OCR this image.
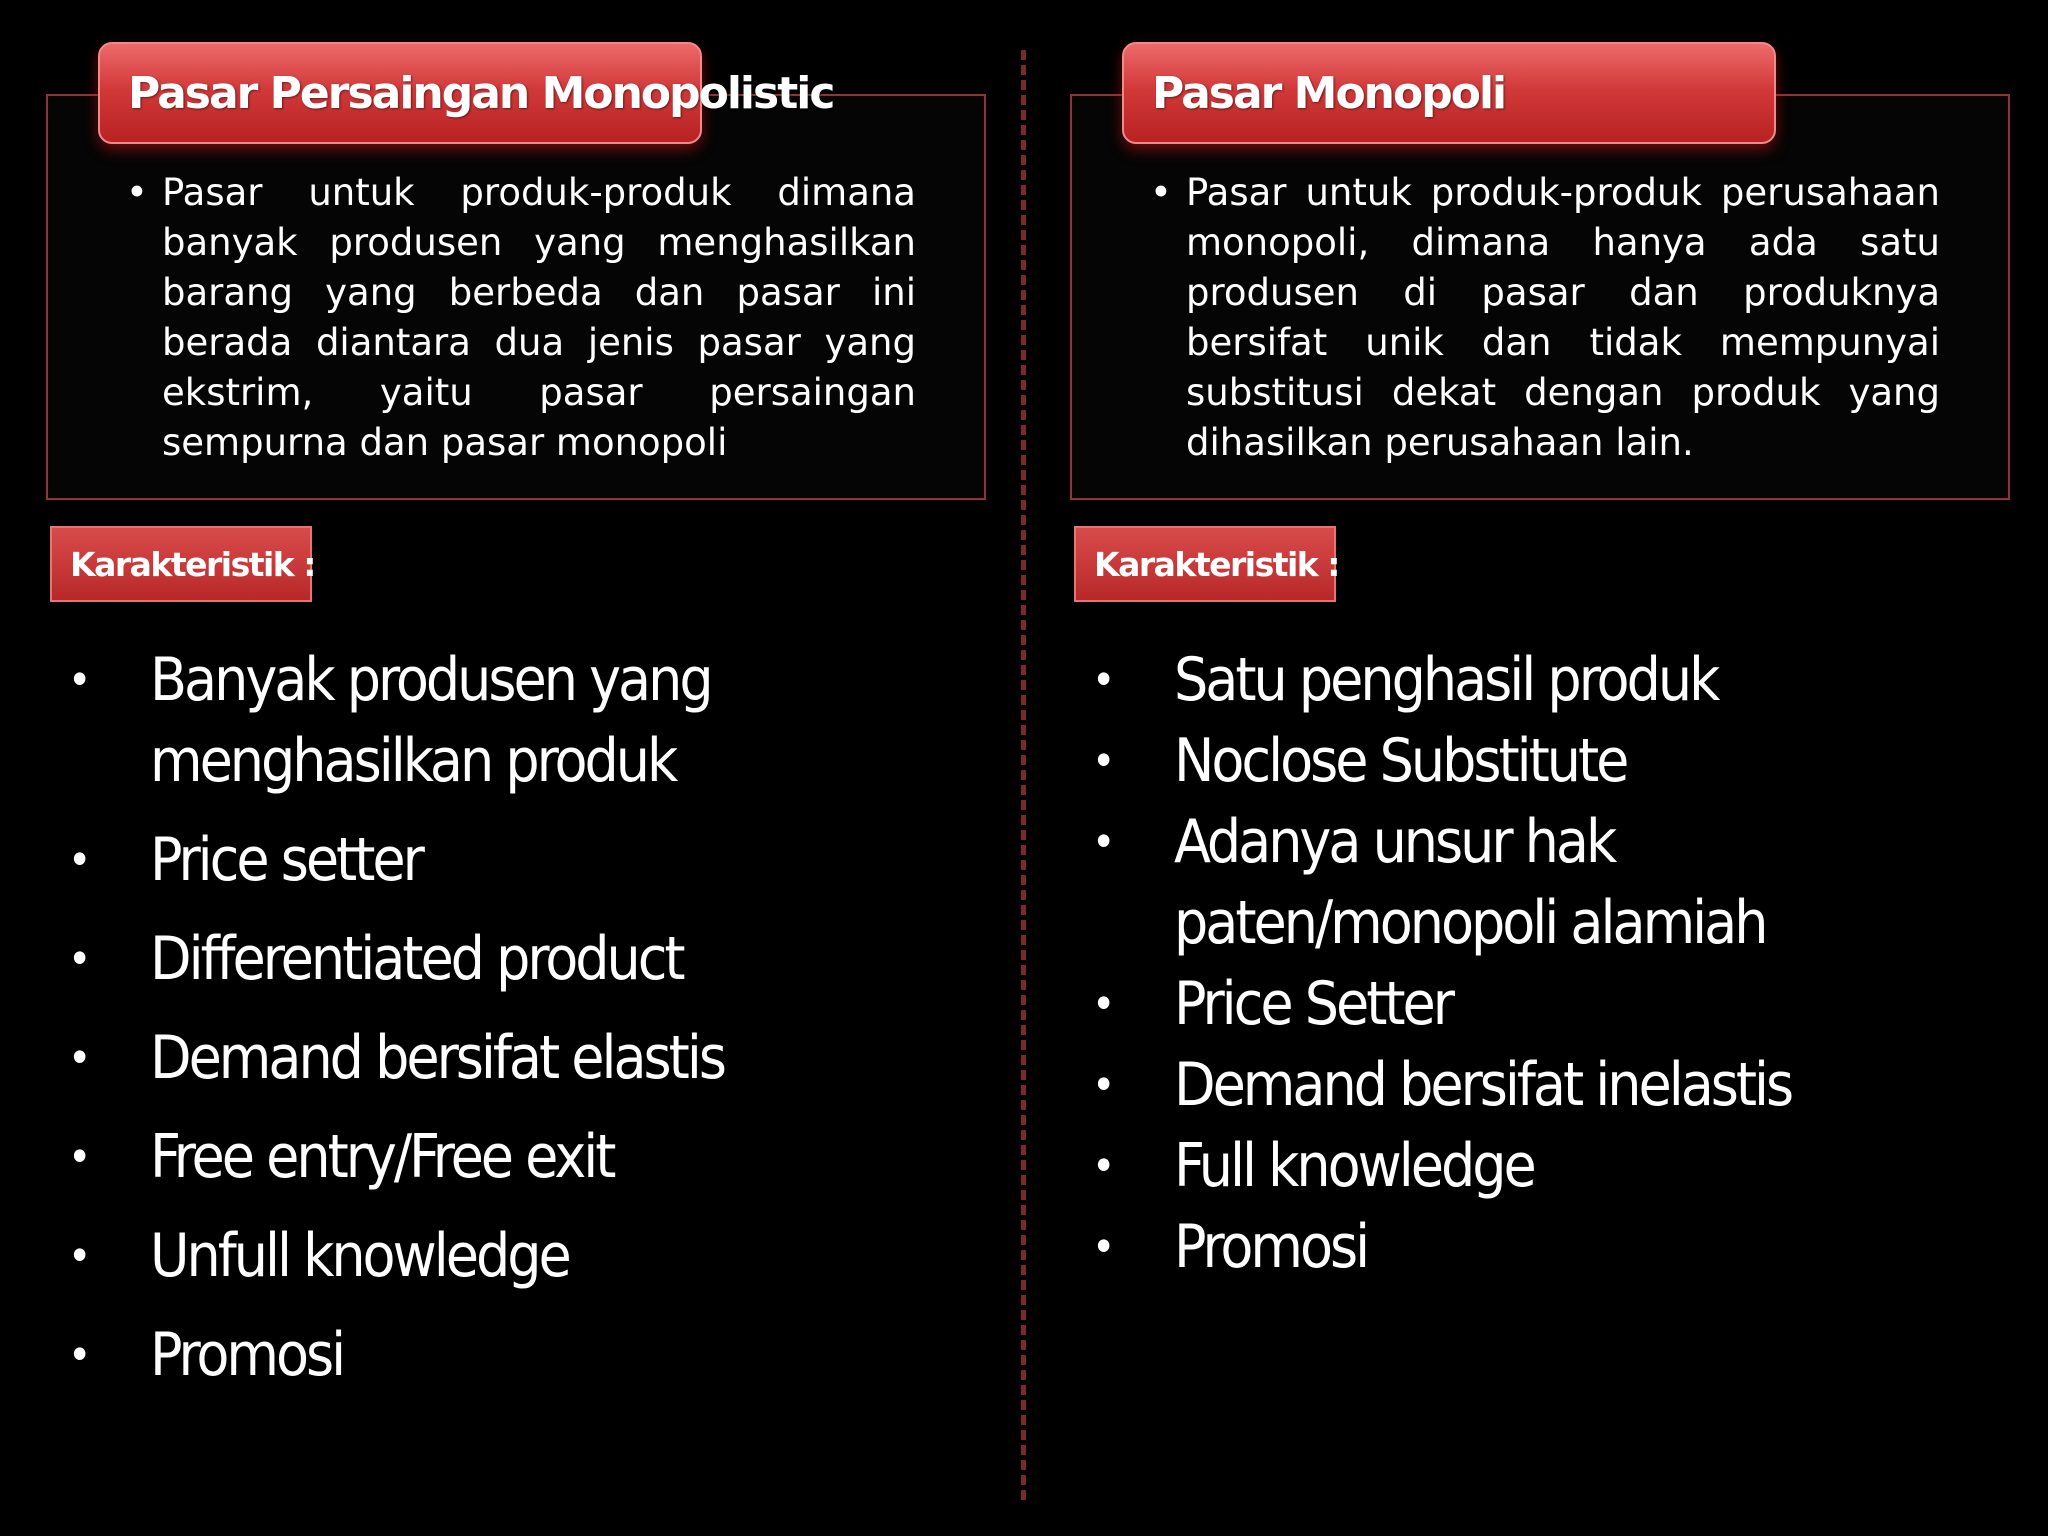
Pasar Persaingan Monopolistic
• Pasar untuk produk-produk dimana banyak produsen yang menghasilkan barang yang berbeda dan pasar ini berada diantara dua jenis pasar yang ekstrim, yaitu pasar persaingan sempurna dan pasar monopoli
Karakteristik :
• Banyak produsen yang menghasilkan produk
• Price setter
• Differentiated product
• Demand bersifat elastis
• Free entry/Free exit
• Unfull knowledge
• Promosi
Pasar Monopoli
• Pasar untuk produk-produk perusahaan monopoli, dimana hanya ada satu produsen di pasar dan produknya bersifat unik dan tidak mempunyai substitusi dekat dengan produk yang dihasilkan perusahaan lain.
Karakteristik :
• Satu penghasil produk
• Noclose Substitute
• Adanya unsur hak paten/monopoli alamiah
• Price Setter
• Demand bersifat inelastis
• Full knowledge
• Promosi
